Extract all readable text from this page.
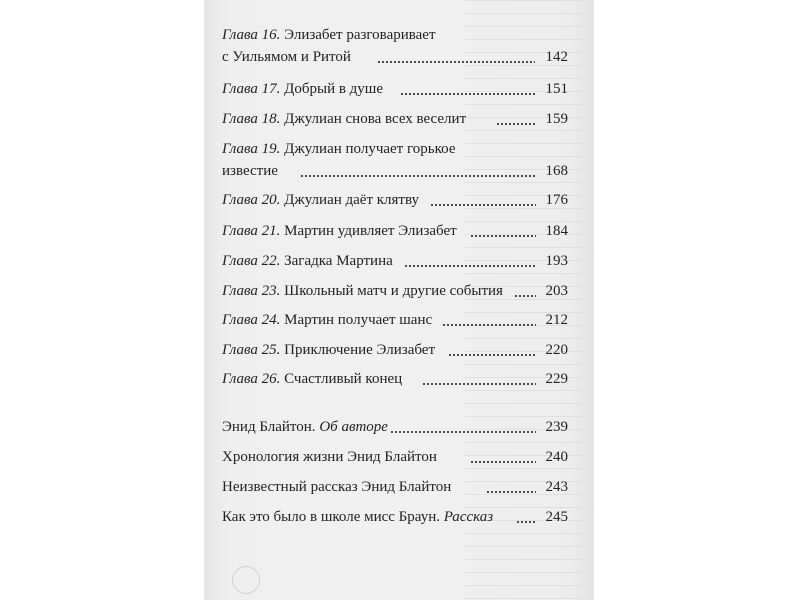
Глава 16. Элизабет разговаривает
с Уильямом и Ритой	142
Глава 17. Добрый в душе	151
Глава 18. Джулиан снова всех веселит	159
Глава 19. Джулиан получает горькое
известие	168
Глава 20. Джулиан даёт клятву	176
Глава 21. Мартин удивляет Элизабет	184
Глава 22. Загадка Мартина	193
Глава 23. Школьный матч и другие события	203
Глава 24. Мартин получает шанс	212
Глава 25. Приключение Элизабет	220
Глава 26. Счастливый конец	229
Энид Блайтон. Об авторе	239
Хронология жизни Энид Блайтон	240
Неизвестный рассказ Энид Блайтон	243
Как это было в школе мисс Браун. Рассказ	245
